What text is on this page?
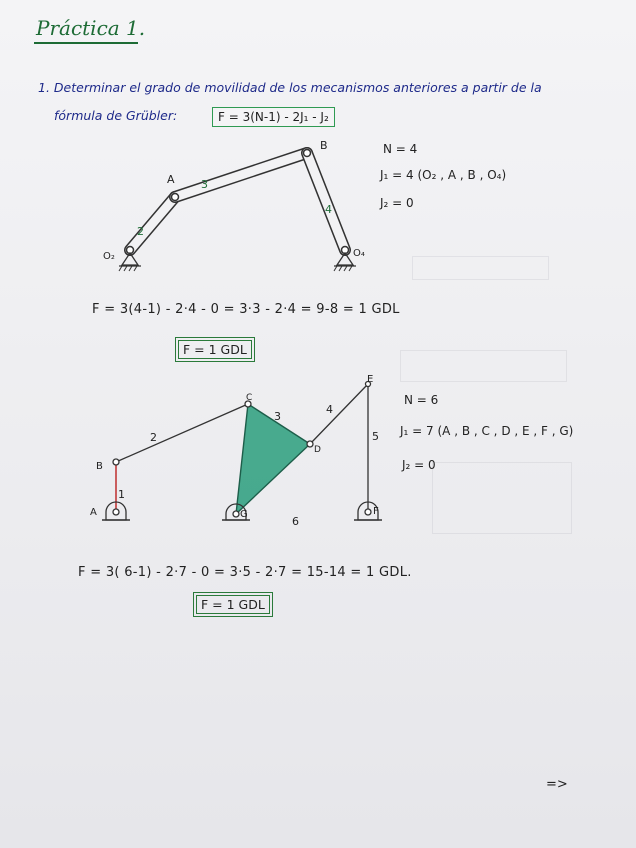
Práctica 1.
1. Determinar el grado de movilidad de los mecanismos anteriores a partir de la
fórmula de Grübler:	F = 3(N-1) - 2J₁ - J₂
A
B
O₂	O₄
2
3
4
N = 4
J₁ = 4 (O₂ , A , B , O₄)
J₂ = 0
F = 3(4-1) - 2·4 - 0 = 3·3 - 2·4 = 9-8 = 1 GDL
F = 1 GDL
A
B
C
D
E
F
G
1
2
3
4
5
6
N = 6
J₁ = 7 (A , B , C , D , E , F , G)
J₂ = 0
F = 3( 6-1) - 2·7 - 0 = 3·5 - 2·7 = 15-14 = 1 GDL.
F = 1 GDL
=>
